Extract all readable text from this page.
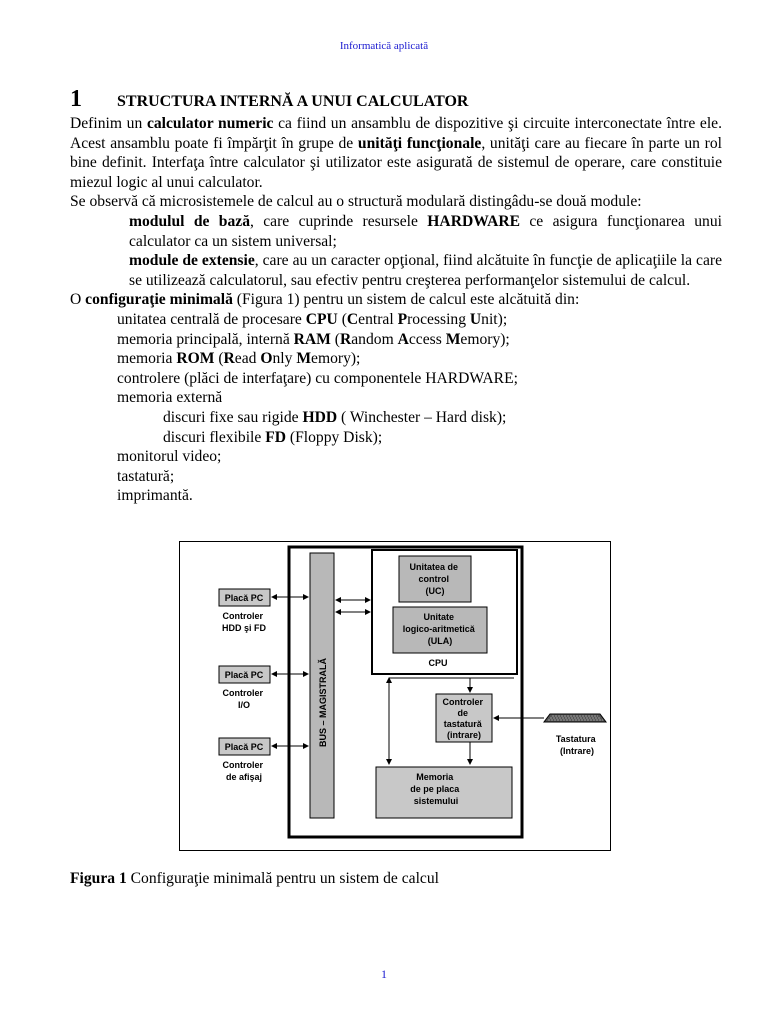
Informatică aplicată
1	STRUCTURA INTERNĂ A UNUI CALCULATOR

Definim un calculator numeric ca fiind un ansamblu de dispozitive şi circuite interconectate între ele. Acest ansamblu poate fi împărţit în grupe de unităţi funcţionale, unităţi care au fiecare în parte un rol bine definit. Interfaţa între calculator şi utilizator este asigurată de sistemul de operare, care constituie miezul logic al unui calculator.

Se observă că microsistemele de calcul au o structură modulară distingâdu-se două module:

modulul de bază, care cuprinde resursele HARDWARE ce asigura funcţionarea unui calculator ca un sistem universal;
module de extensie, care au un caracter opţional, fiind alcătuite în funcţie de aplicaţiile la care se utilizează calculatorul, sau efectiv pentru creşterea performanţelor sistemului de calcul.

O configuraţie minimală (Figura 1) pentru un sistem de calcul este alcătuită din:

unitatea centrală de procesare CPU (Central Processing Unit);
memoria principală, internă RAM (Random Access Memory);
memoria ROM (Read Only Memory);
controlere (plăci de interfaţare) cu componentele HARDWARE;
memoria externă
discuri fixe sau rigide HDD ( Winchester – Hard disk);
discuri flexibile FD (Floppy Disk);
monitorul video;
tastatură;
imprimantă.
BUS – MAGISTRALĂ
Unitatea de control (UC)
Unitate logico-aritmetică (ULA)
CPU
Placă PC
Controler HDD şi FD
Placă PC
Controler I/O
Placă PC
Controler de afişaj
Controler de tastatură (intrare)	Tastatura (Intrare)
Memoria de pe placa sistemului
Figura 1 Configuraţie minimală pentru un sistem de calcul
1
